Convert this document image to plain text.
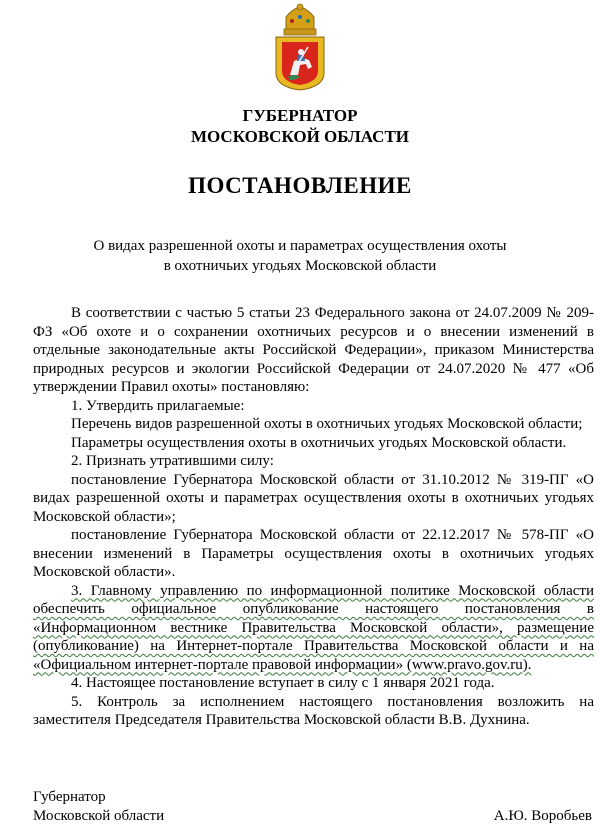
ГУБЕРНАТОР
МОСКОВСКОЙ ОБЛАСТИ
ПОСТАНОВЛЕНИЕ
О видах разрешенной охоты и параметрах осуществления охоты
в охотничьих угодьях Московской области

В соответствии с частью 5 статьи 23 Федерального закона от 24.07.2009 № 209-ФЗ «Об охоте и о сохранении охотничьих ресурсов и о внесении изменений в отдельные законодательные акты Российской Федерации», приказом Министерства природных ресурсов и экологии Российской Федерации от 24.07.2020 № 477 «Об утверждении Правил охоты» постановляю:

1. Утвердить прилагаемые:

Перечень видов разрешенной охоты в охотничьих угодьях Московской области;

Параметры осуществления охоты в охотничьих угодьях Московской области.

2. Признать утратившими силу:

постановление Губернатора Московской области от 31.10.2012 № 319-ПГ «О видах разрешенной охоты и параметрах осуществления охоты в охотничьих угодьях Московской области»;

постановление Губернатора Московской области от 22.12.2017 № 578-ПГ «О внесении изменений в Параметры осуществления охоты в охотничьих угодьях Московской области».

3. Главному управлению по информационной политике Московской области обеспечить официальное опубликование настоящего постановления в «Информационном вестнике Правительства Московской области», размещение (опубликование) на Интернет-портале Правительства Московской области и на «Официальном интернет-портале правовой информации» (www.pravo.gov.ru).

4. Настоящее постановление вступает в силу с 1 января 2021 года.

5. Контроль за исполнением настоящего постановления возложить на заместителя Председателя Правительства Московской области В.В. Духнина.

Губернатор
Московской области	А.Ю. Воробьев
